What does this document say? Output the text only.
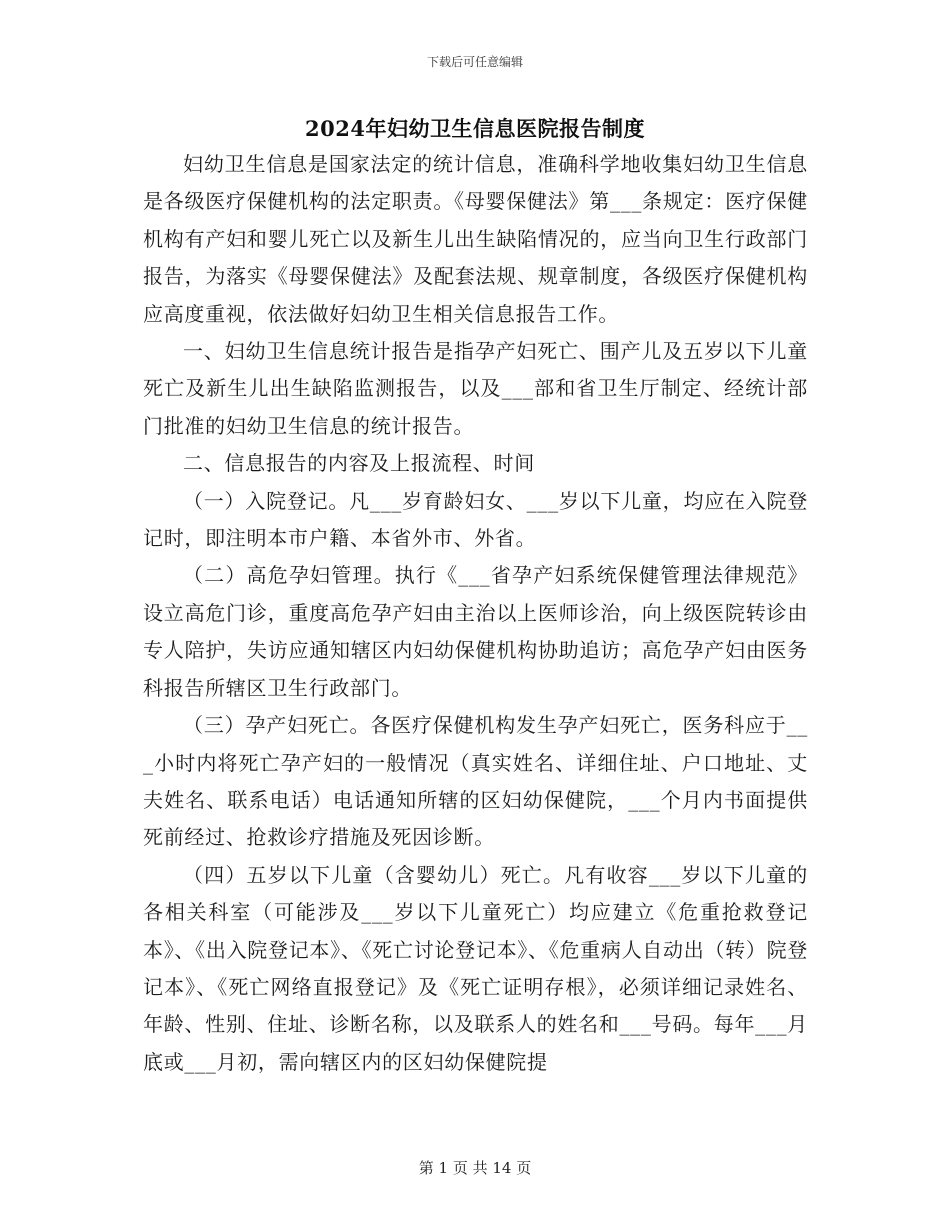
下载后可任意编辑
2024年妇幼卫生信息医院报告制度

妇幼卫生信息是国家法定的统计信息，准确科学地收集妇幼卫生信息是各级医疗保健机构的法定职责。《母婴保健法》第___条规定：医疗保健机构有产妇和婴儿死亡以及新生儿出生缺陷情况的，应当向卫生行政部门报告，为落实《母婴保健法》及配套法规、规章制度，各级医疗保健机构应高度重视，依法做好妇幼卫生相关信息报告工作。

一、妇幼卫生信息统计报告是指孕产妇死亡、围产儿及五岁以下儿童死亡及新生儿出生缺陷监测报告，以及___部和省卫生厅制定、经统计部门批准的妇幼卫生信息的统计报告。

二、信息报告的内容及上报流程、时间

（一）入院登记。凡___岁育龄妇女、___岁以下儿童，均应在入院登记时，即注明本市户籍、本省外市、外省。

（二）高危孕妇管理。执行《___省孕产妇系统保健管理法律规范》设立高危门诊，重度高危孕产妇由主治以上医师诊治，向上级医院转诊由专人陪护，失访应通知辖区内妇幼保健机构协助追访；高危孕产妇由医务科报告所辖区卫生行政部门。

（三）孕产妇死亡。各医疗保健机构发生孕产妇死亡，医务科应于___小时内将死亡孕产妇的一般情况（真实姓名、详细住址、户口地址、丈夫姓名、联系电话）电话通知所辖的区妇幼保健院，___个月内书面提供死前经过、抢救诊疗措施及死因诊断。

（四）五岁以下儿童（含婴幼儿）死亡。凡有收容___岁以下儿童的各相关科室（可能涉及___岁以下儿童死亡）均应建立《危重抢救登记本》、《出入院登记本》、《死亡讨论登记本》、《危重病人自动出（转）院登记本》、《死亡网络直报登记》及《死亡证明存根》，必须详细记录姓名、年龄、性别、住址、诊断名称，以及联系人的姓名和___号码。每年___月底或___月初，需向辖区内的区妇幼保健院提

第 1 页 共 14 页
